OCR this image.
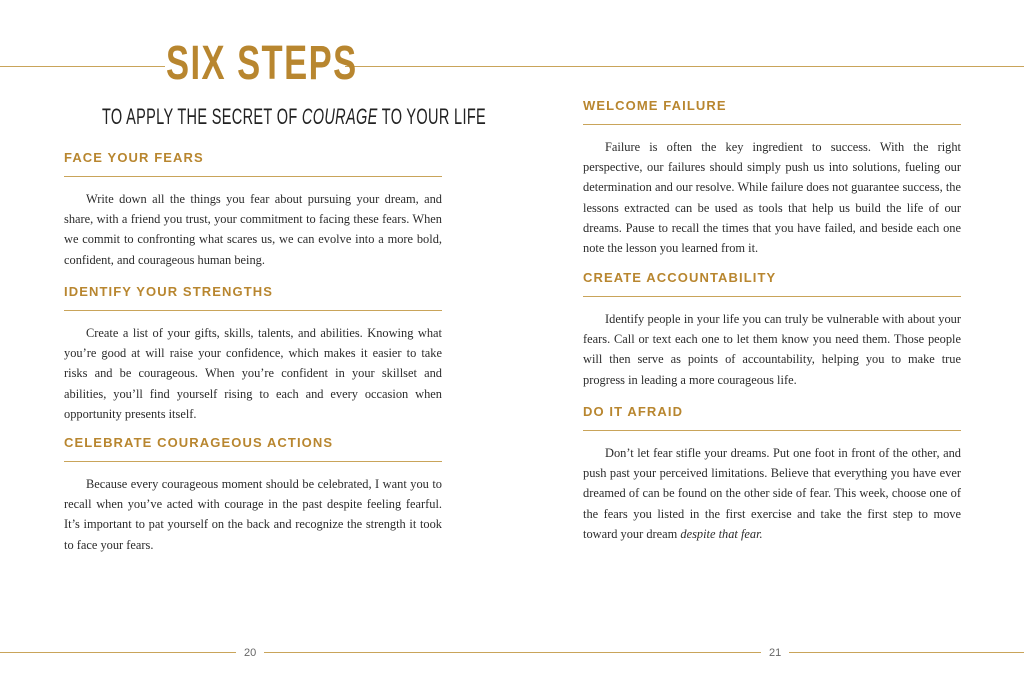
SIX STEPS
TO APPLY THE SECRET OF COURAGE TO YOUR LIFE
FACE YOUR FEARS
Write down all the things you fear about pursuing your dream, and share, with a friend you trust, your commitment to facing these fears. When we commit to confronting what scares us, we can evolve into a more bold, confident, and courageous human being.
IDENTIFY YOUR STRENGTHS
Create a list of your gifts, skills, talents, and abilities. Knowing what you’re good at will raise your confidence, which makes it easier to take risks and be courageous. When you’re confident in your skillset and abilities, you’ll find yourself rising to each and every occasion when opportunity presents itself.
CELEBRATE COURAGEOUS ACTIONS
Because every courageous moment should be celebrated, I want you to recall when you’ve acted with courage in the past despite feeling fearful. It’s important to pat yourself on the back and recognize the strength it took to face your fears.
20
WELCOME FAILURE
Failure is often the key ingredient to success. With the right perspective, our failures should simply push us into solutions, fueling our determination and our resolve. While failure does not guarantee success, the lessons extracted can be used as tools that help us build the life of our dreams. Pause to recall the times that you have failed, and beside each one note the lesson you learned from it.
CREATE ACCOUNTABILITY
Identify people in your life you can truly be vulnerable with about your fears. Call or text each one to let them know you need them. Those people will then serve as points of accountability, helping you to make true progress in leading a more courageous life.
DO IT AFRAID
Don’t let fear stifle your dreams. Put one foot in front of the other, and push past your perceived limitations. Believe that everything you have ever dreamed of can be found on the other side of fear. This week, choose one of the fears you listed in the first exercise and take the first step to move toward your dream despite that fear.
21
